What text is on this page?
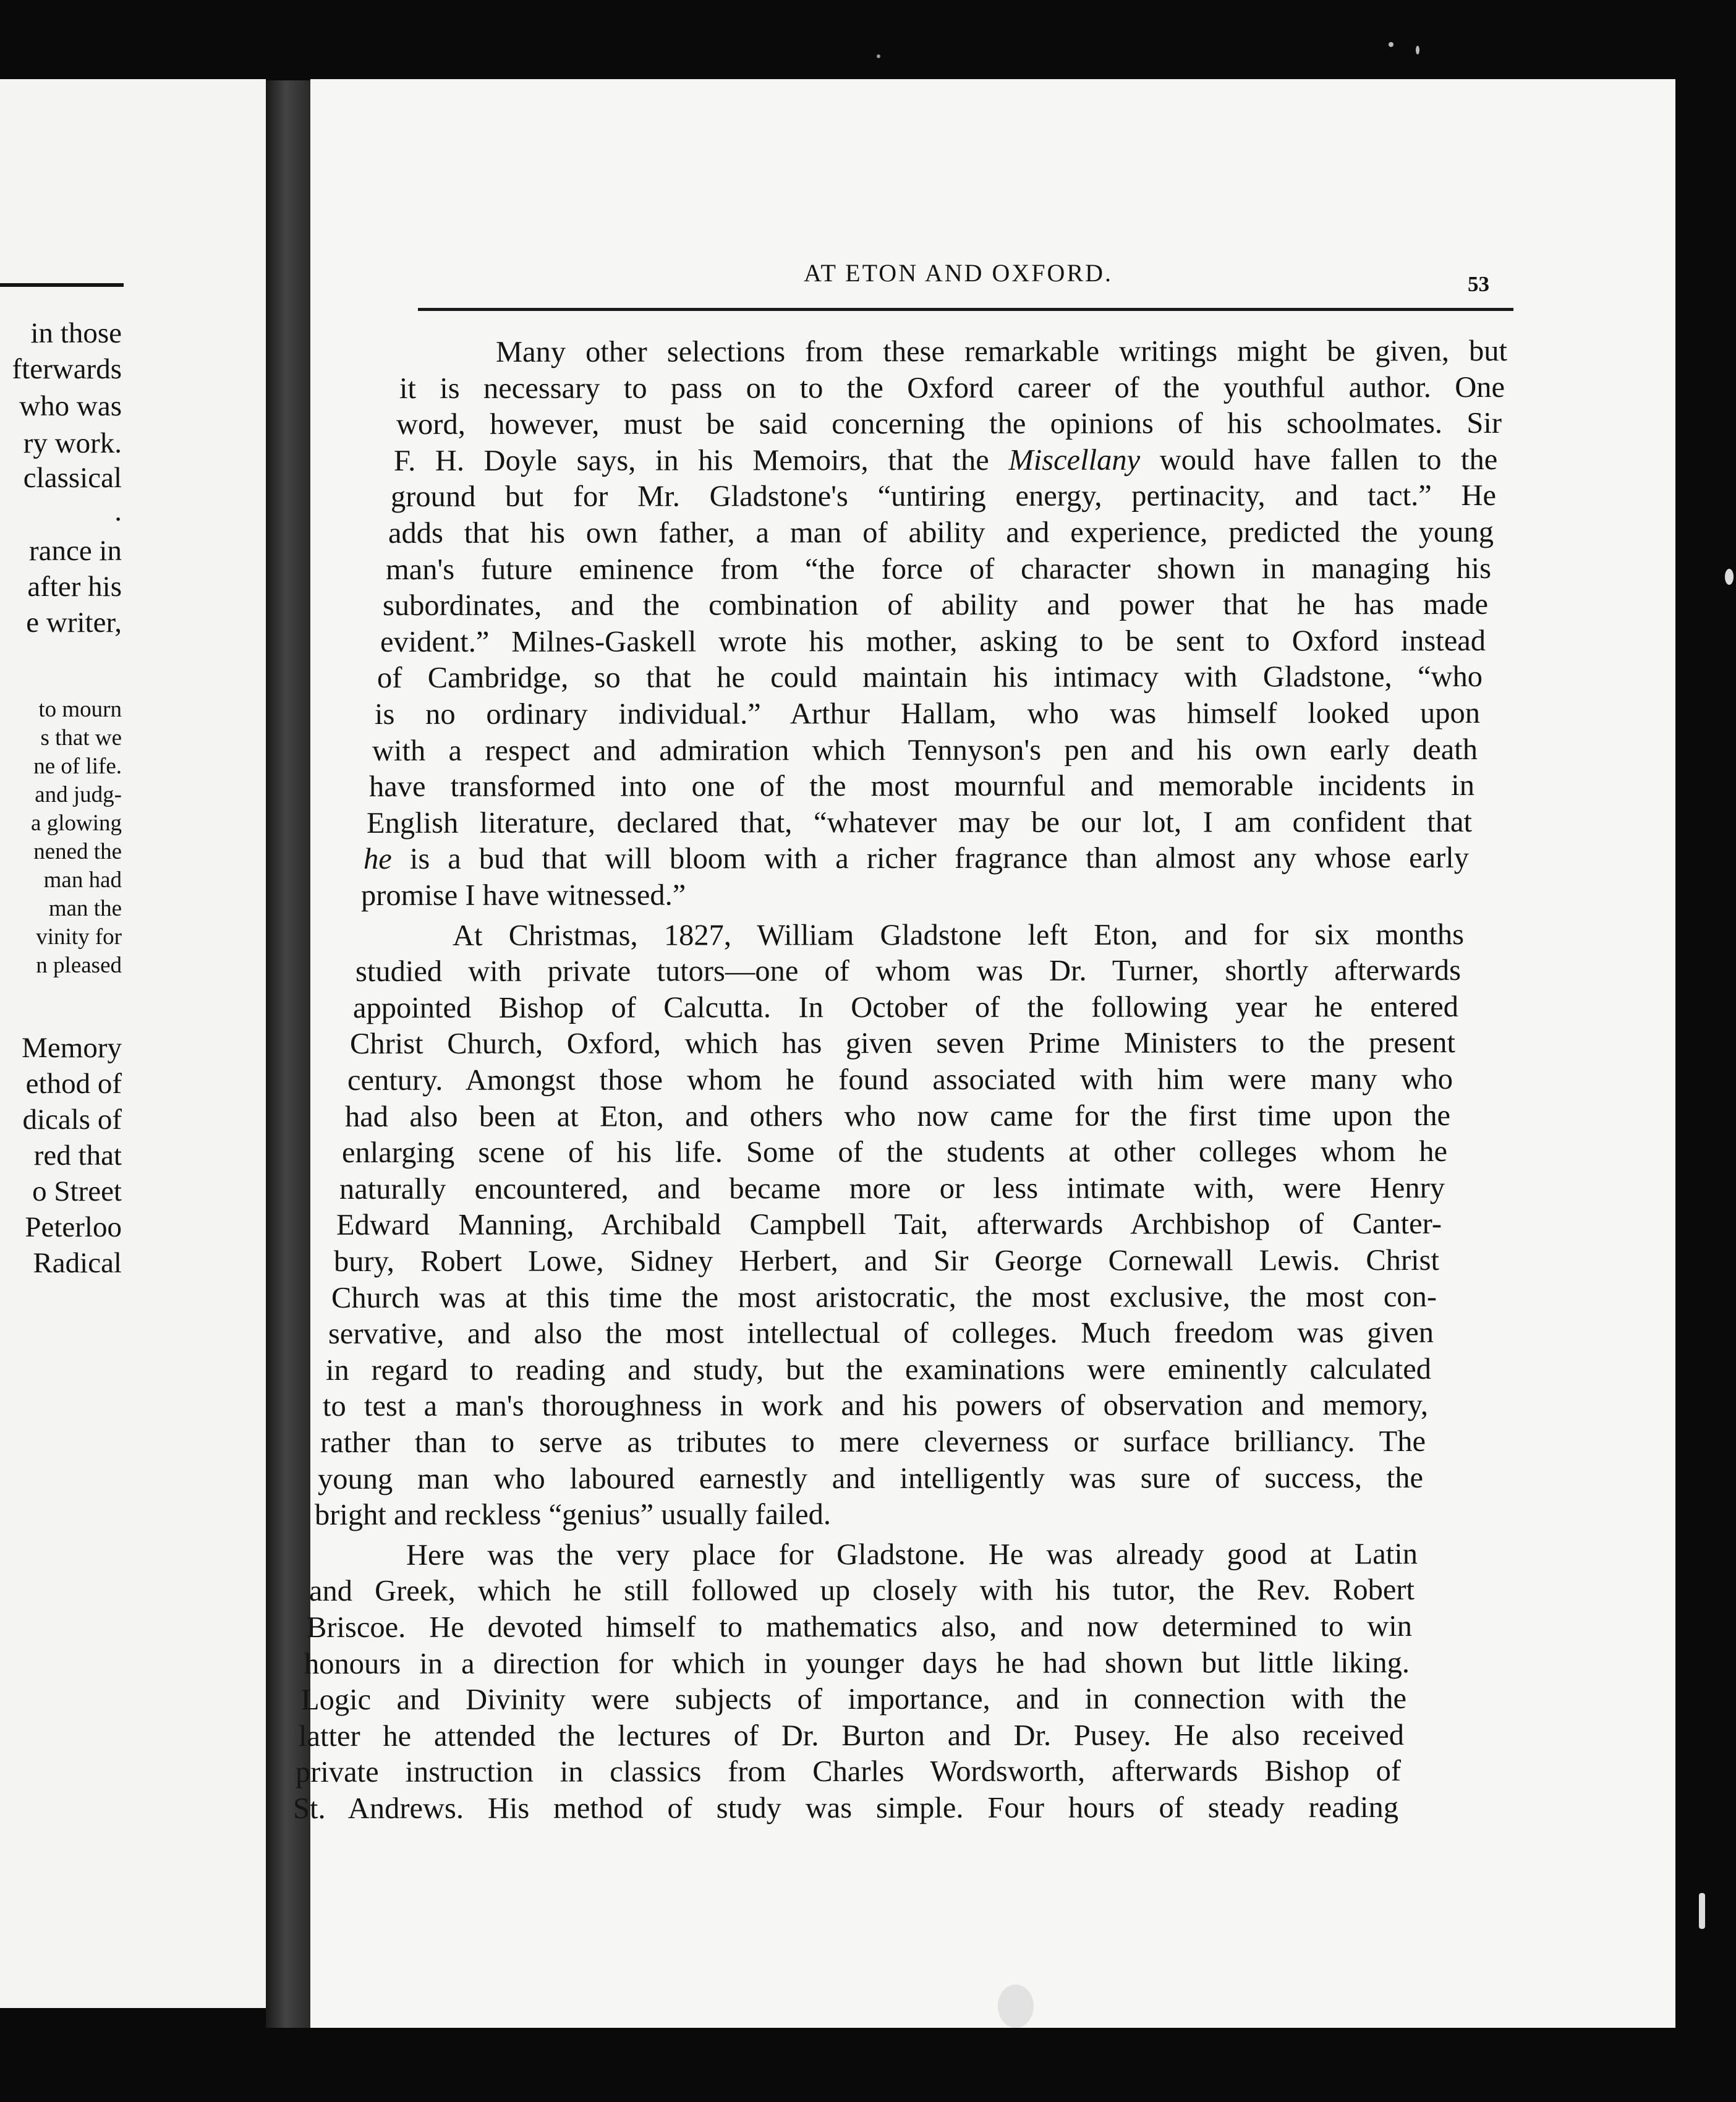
in those
fterwards
who was
ry work.
classical
.
rance in
after his
e writer,
to mourn
s that we
ne of life.
and judg-
a glowing
nened the
man had
man the
vinity for
n pleased
Memory
ethod of
dicals of
red that
o Street
Peterloo
Radical
AT ETON AND OXFORD.	53
Many other selections from these remarkable writings might be given, but
it is necessary to pass on to the Oxford career of the youthful author. One
word, however, must be said concerning the opinions of his schoolmates. Sir
F. H. Doyle says, in his Memoirs, that the Miscellany would have fallen to the
ground but for Mr. Gladstone's “untiring energy, pertinacity, and tact.” He
adds that his own father, a man of ability and experience, predicted the young
man's future eminence from “the force of character shown in managing his
subordinates, and the combination of ability and power that he has made
evident.” Milnes-Gaskell wrote his mother, asking to be sent to Oxford instead
of Cambridge, so that he could maintain his intimacy with Gladstone, “who
is no ordinary individual.” Arthur Hallam, who was himself looked upon
with a respect and admiration which Tennyson's pen and his own early death
have transformed into one of the most mournful and memorable incidents in
English literature, declared that, “whatever may be our lot, I am confident that
he is a bud that will bloom with a richer fragrance than almost any whose early
promise I have witnessed.”
At Christmas, 1827, William Gladstone left Eton, and for six months
studied with private tutors—one of whom was Dr. Turner, shortly afterwards
appointed Bishop of Calcutta. In October of the following year he entered
Christ Church, Oxford, which has given seven Prime Ministers to the present
century. Amongst those whom he found associated with him were many who
had also been at Eton, and others who now came for the first time upon the
enlarging scene of his life. Some of the students at other colleges whom he
naturally encountered, and became more or less intimate with, were Henry
Edward Manning, Archibald Campbell Tait, afterwards Archbishop of Canter-
bury, Robert Lowe, Sidney Herbert, and Sir George Cornewall Lewis. Christ
Church was at this time the most aristocratic, the most exclusive, the most con-
servative, and also the most intellectual of colleges. Much freedom was given
in regard to reading and study, but the examinations were eminently calculated
to test a man's thoroughness in work and his powers of observation and memory,
rather than to serve as tributes to mere cleverness or surface brilliancy. The
young man who laboured earnestly and intelligently was sure of success, the
bright and reckless “genius” usually failed.
Here was the very place for Gladstone. He was already good at Latin
and Greek, which he still followed up closely with his tutor, the Rev. Robert
Briscoe. He devoted himself to mathematics also, and now determined to win
honours in a direction for which in younger days he had shown but little liking.
Logic and Divinity were subjects of importance, and in connection with the
latter he attended the lectures of Dr. Burton and Dr. Pusey. He also received
private instruction in classics from Charles Wordsworth, afterwards Bishop of
St. Andrews. His method of study was simple. Four hours of steady reading
